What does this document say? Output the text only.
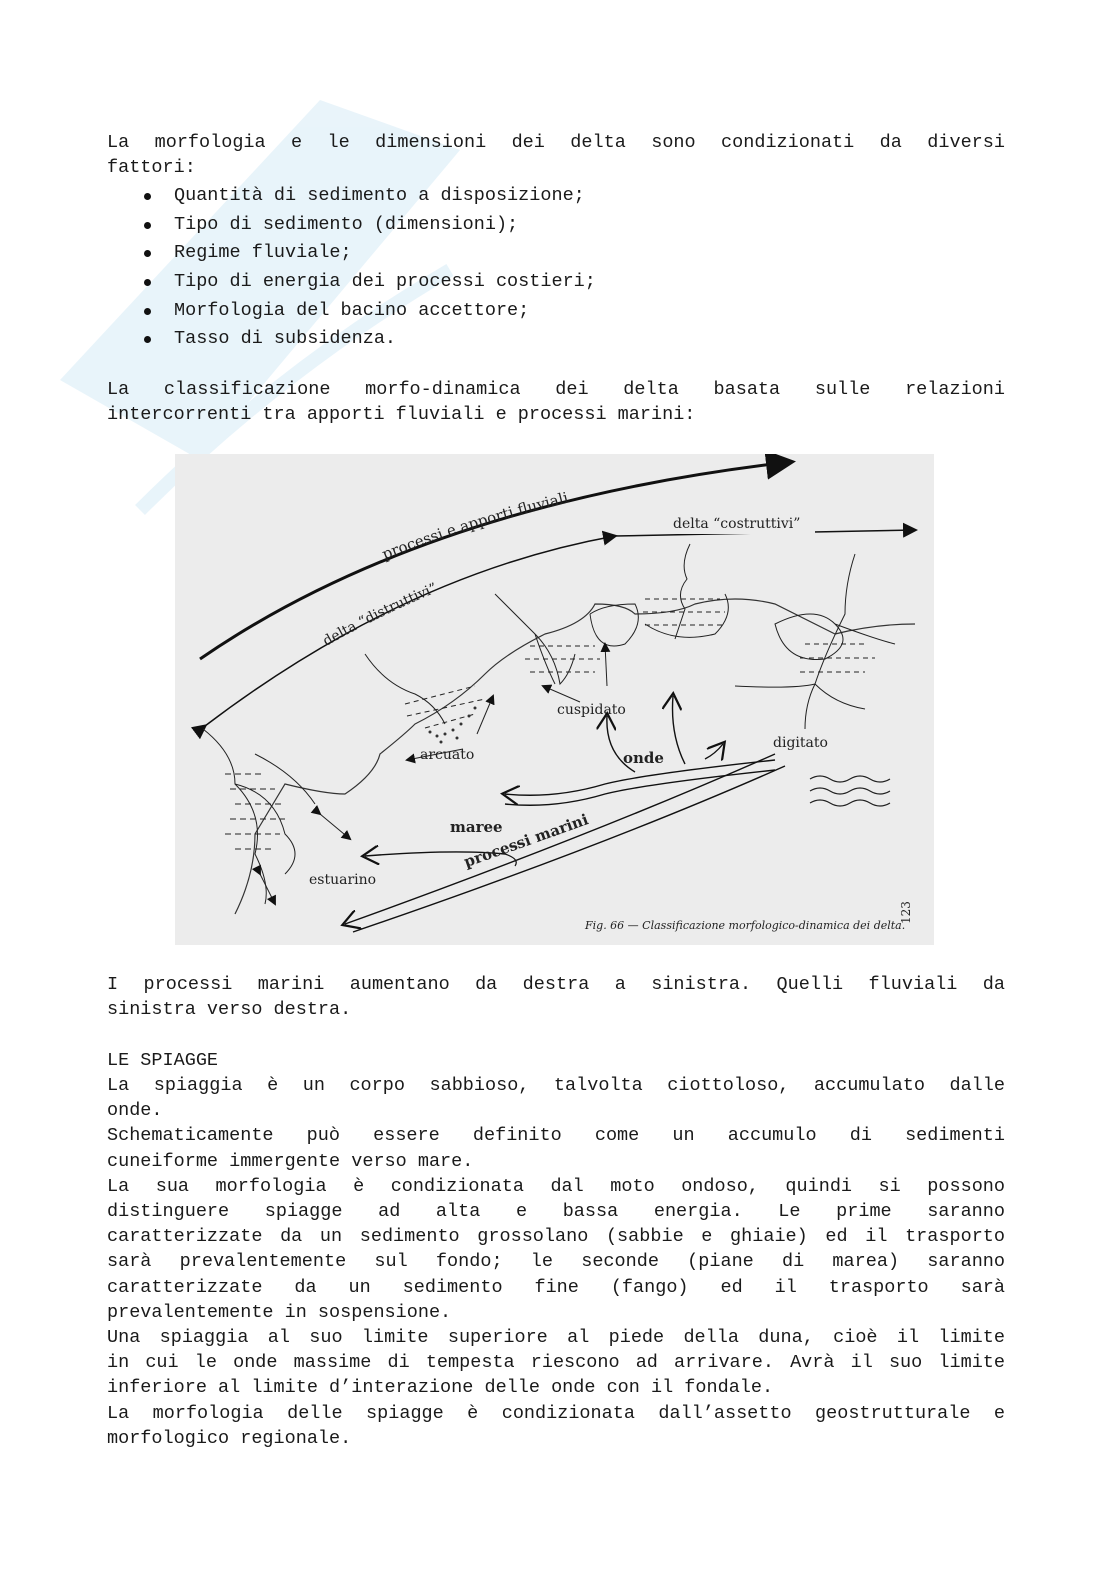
La morfologia e le dimensioni dei delta sono condizionati da diversi

fattori:

Quantità di sedimento a disposizione;
Tipo di sedimento (dimensioni);
Regime fluviale;
Tipo di energia dei processi costieri;
Morfologia del bacino accettore;
Tasso di subsidenza.

La classificazione morfo-dinamica dei delta basata sulle relazioni

intercorrenti tra apporti fluviali e processi marini:

processi e apporti fluviali
delta “distruttivi”
delta “costruttivi”
estuarino
arcuato
cuspidato
digitato
onde
maree
processi marini
Fig. 66 — Classificazione morfologico-dinamica dei delta.
123

I processi marini aumentano da destra a sinistra. Quelli fluviali da

sinistra verso destra.

LE SPIAGGE

La spiaggia è un corpo sabbioso, talvolta ciottoloso, accumulato dalle

onde.

Schematicamente può essere definito come un accumulo di sedimenti

cuneiforme immergente verso mare.

La sua morfologia è condizionata dal moto ondoso, quindi si possono

distinguere spiagge ad alta e bassa energia. Le prime saranno

caratterizzate da un sedimento grossolano (sabbie e ghiaie) ed il trasporto

sarà prevalentemente sul fondo; le seconde (piane di marea) saranno

caratterizzate da un sedimento fine (fango) ed il trasporto sarà

prevalentemente in sospensione.

Una spiaggia al suo limite superiore al piede della duna, cioè il limite

in cui le onde massime di tempesta riescono ad arrivare. Avrà il suo limite

inferiore al limite d’interazione delle onde con il fondale.

La morfologia delle spiagge è condizionata dall’assetto geostrutturale e

morfologico regionale.
